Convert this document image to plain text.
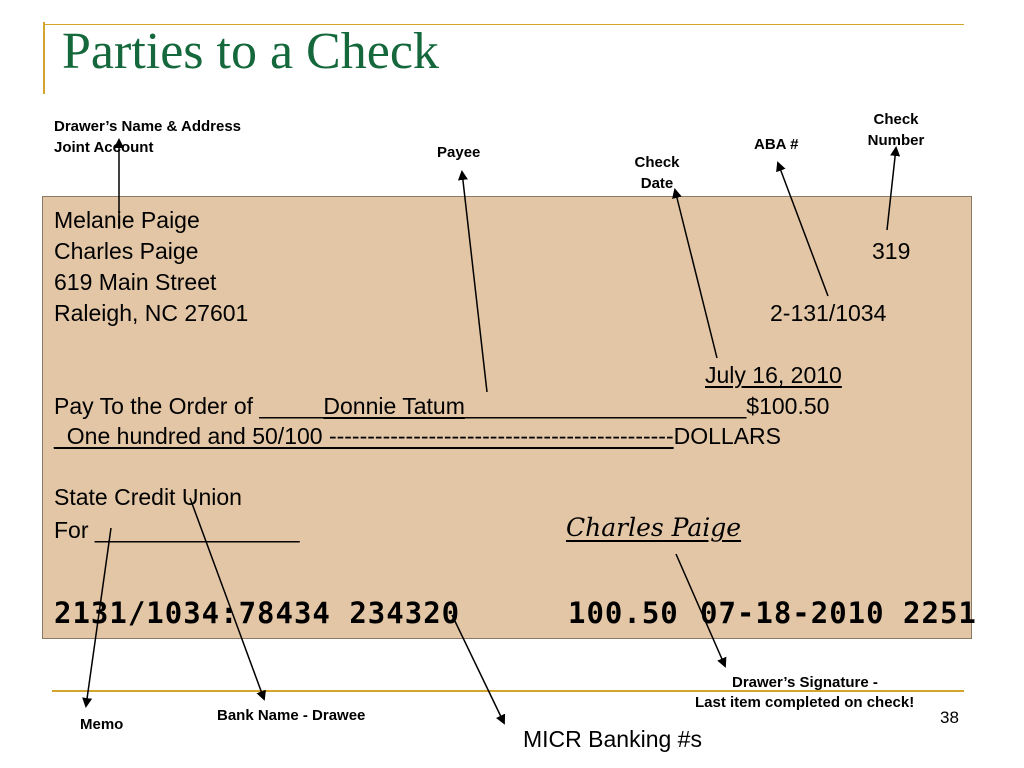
Parties to a Check
Drawer’s Name & Address
Joint Account	Payee
Check
Date
ABA #
Check
Number
Melanie Paige
Charles Paige
619 Main Street
Raleigh, NC 27601
319
2-131/1034
July 16, 2010
Pay To the Order of _____Donnie Tatum______________________$100.50
_One hundred and 50/100 ---------------------------------------------DOLLARS
State Credit Union
For ________________	Charles Paige
2131/1034:78434 234320	100.50 07-18-2010 2251
Drawer’s Signature -
Last item completed on check!
38
Memo
Bank Name - Drawee
MICR Banking #s
